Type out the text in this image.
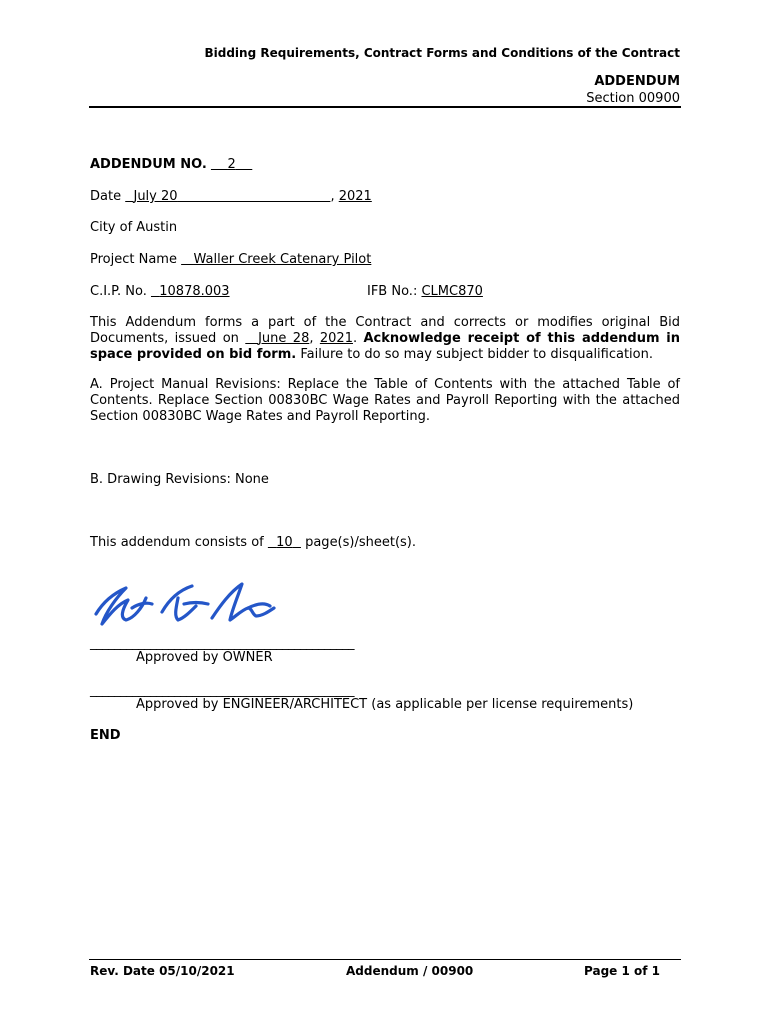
Bidding Requirements, Contract Forms and Conditions of the Contract
ADDENDUM
Section 00900
ADDENDUM NO. 2
Date July 20	, 2021
City of Austin
Project Name Waller Creek Catenary Pilot
C.I.P. No. 10878.003	IFB No.: CLMC870
This Addendum forms a part of the Contract and corrects or modifies original Bid Documents, issued on June 28, 2021. Acknowledge receipt of this addendum in space provided on bid form. Failure to do so may subject bidder to disqualification.
A. Project Manual Revisions: Replace the Table of Contents with the attached Table of Contents. Replace Section 00830BC Wage Rates and Payroll Reporting with the attached Section 00830BC Wage Rates and Payroll Reporting.
B. Drawing Revisions: None
This addendum consists of 10 page(s)/sheet(s).
____________________________________________
Approved by OWNER
____________________________________________
Approved by ENGINEER/ARCHITECT (as applicable per license requirements)
END
Rev. Date 05/10/2021	Addendum / 00900	Page 1 of 1
